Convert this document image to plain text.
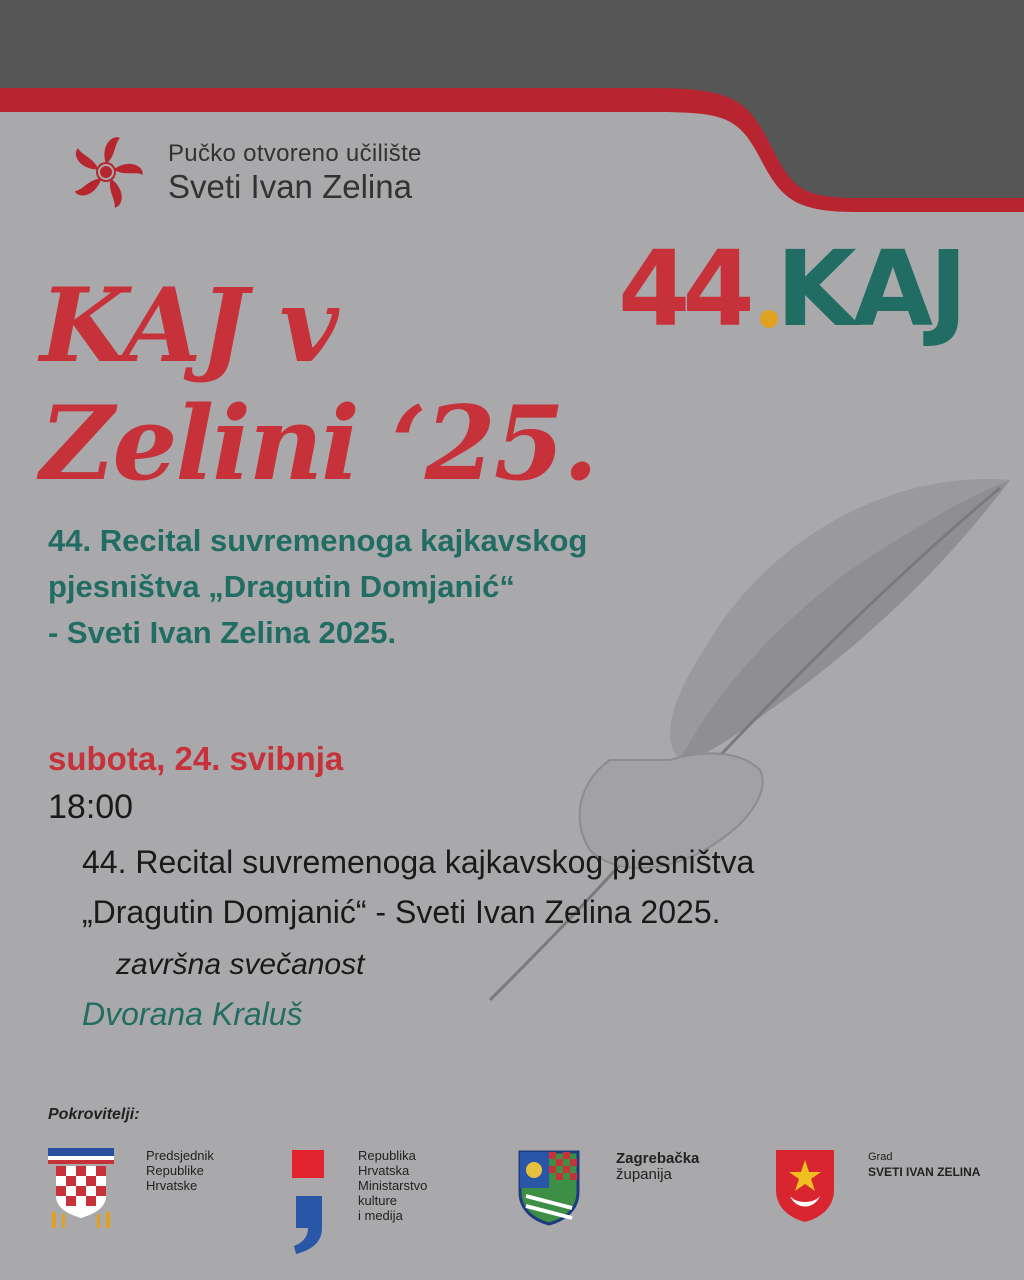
Pučko otvoreno učilište
Sveti Ivan Zelina
44 KAJ
KAJ v
Zelini ‘25.
44. Recital suvremenoga kajkavskog
pjesništva „Dragutin Domjanić“
- Sveti Ivan Zelina 2025.
subota, 24. svibnja
18:00
44. Recital suvremenoga kajkavskog pjesništva
„Dragutin Domjanić“ - Sveti Ivan Zelina 2025.
završna svečanost
Dvorana Kraluš
Pokrovitelji:
Predsjednik
Republike
Hrvatske
Republika
Hrvatska
Ministarstvo
kulture
i medija
Zagrebačka
županija
Grad
SVETI IVAN ZELINA
